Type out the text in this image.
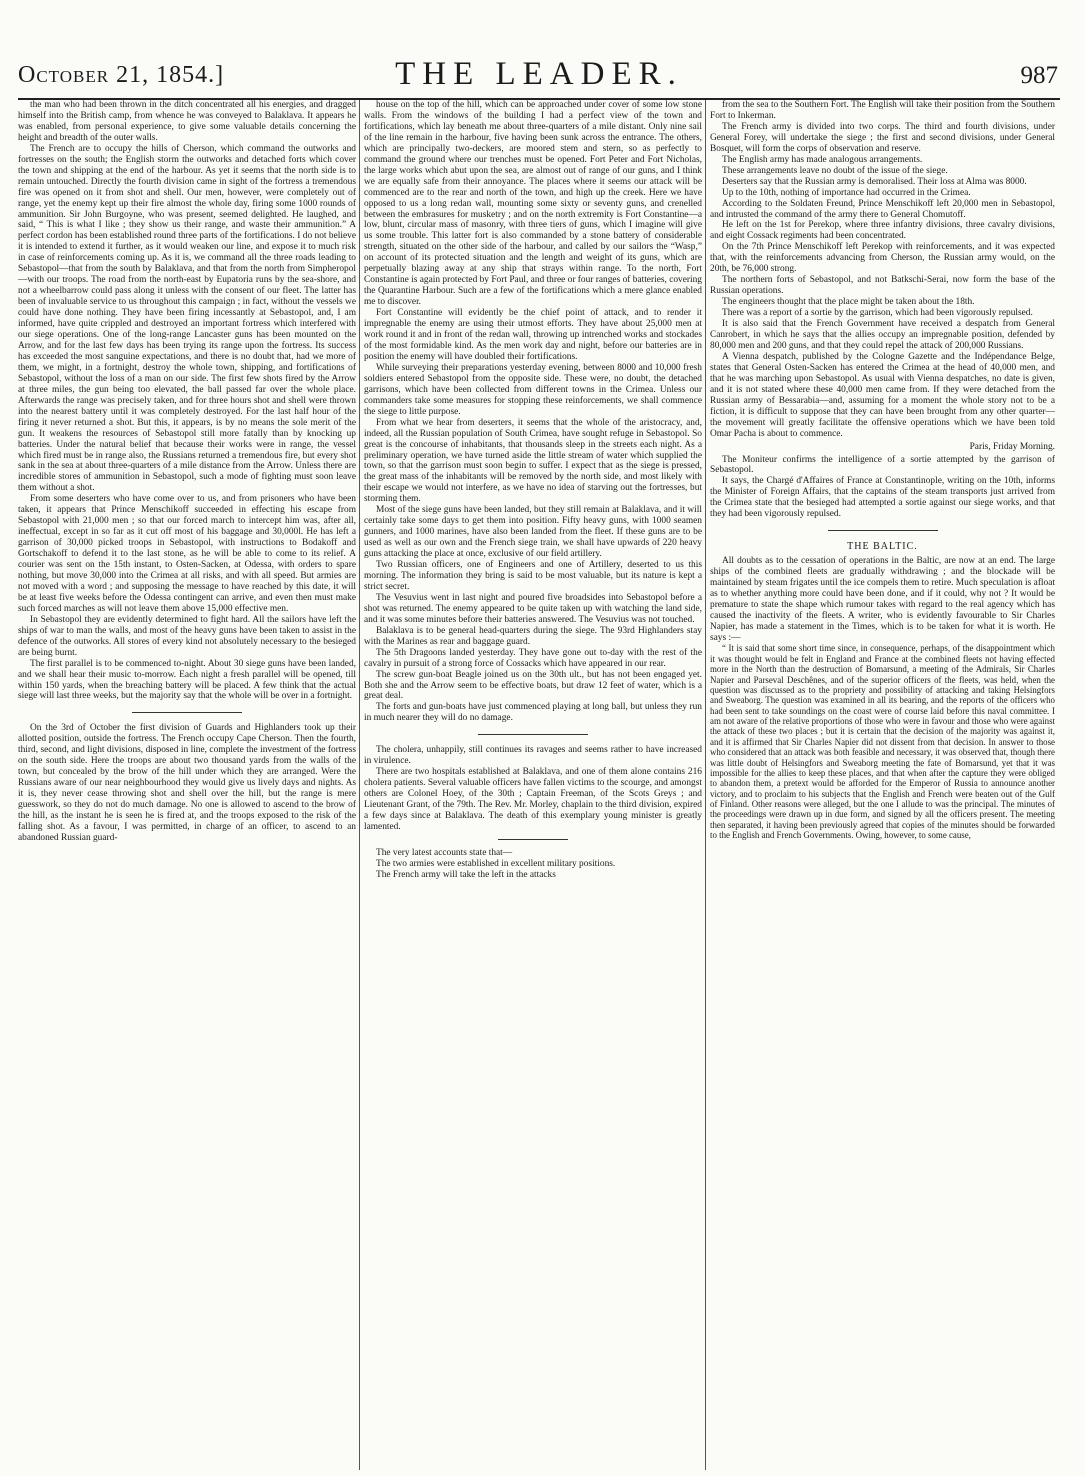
October 21, 1854.]	THE LEADER.	987

the man who had been thrown in the ditch concentrated all his energies, and dragged himself into the British camp, from whence he was conveyed to Balaklava. It appears he was enabled, from personal experience, to give some valuable details concerning the height and breadth of the outer walls.

The French are to occupy the hills of Cherson, which command the outworks and fortresses on the south; the English storm the outworks and detached forts which cover the town and shipping at the end of the harbour. As yet it seems that the north side is to remain untouched. Directly the fourth division came in sight of the fortress a tremendous fire was opened on it from shot and shell. Our men, however, were completely out of range, yet the enemy kept up their fire almost the whole day, firing some 1000 rounds of ammunition. Sir John Burgoyne, who was present, seemed delighted. He laughed, and said, “ This is what I like ; they show us their range, and waste their ammunition.” A perfect cordon has been established round three parts of the fortifications. I do not believe it is intended to extend it further, as it would weaken our line, and expose it to much risk in case of reinforcements coming up. As it is, we command all the three roads leading to Sebastopol—that from the south by Balaklava, and that from the north from Simpheropol—with our troops. The road from the north-east by Eupatoria runs by the sea-shore, and not a wheelbarrow could pass along it unless with the consent of our fleet. The latter has been of invaluable service to us throughout this campaign ; in fact, without the vessels we could have done nothing. They have been firing incessantly at Sebastopol, and, I am informed, have quite crippled and destroyed an important fortress which interfered with our siege operations. One of the long-range Lancaster guns has been mounted on the Arrow, and for the last few days has been trying its range upon the fortress. Its success has exceeded the most sanguine expectations, and there is no doubt that, had we more of them, we might, in a fortnight, destroy the whole town, shipping, and fortifications of Sebastopol, without the loss of a man on our side. The first few shots fired by the Arrow at three miles, the gun being too elevated, the ball passed far over the whole place. Afterwards the range was precisely taken, and for three hours shot and shell were thrown into the nearest battery until it was completely destroyed. For the last half hour of the firing it never returned a shot. But this, it appears, is by no means the sole merit of the gun. It weakens the resources of Sebastopol still more fatally than by knocking up batteries. Under the natural belief that because their works were in range, the vessel which fired must be in range also, the Russians returned a tremendous fire, but every shot sank in the sea at about three-quarters of a mile distance from the Arrow. Unless there are incredible stores of ammunition in Sebastopol, such a mode of fighting must soon leave them without a shot.

From some deserters who have come over to us, and from prisoners who have been taken, it appears that Prince Menschikoff succeeded in effecting his escape from Sebastopol with 21,000 men ; so that our forced march to intercept him was, after all, ineffectual, except in so far as it cut off most of his baggage and 30,000l. He has left a garrison of 30,000 picked troops in Sebastopol, with instructions to Bodakoff and Gortschakoff to defend it to the last stone, as he will be able to come to its relief. A courier was sent on the 15th instant, to Osten-Sacken, at Odessa, with orders to spare nothing, but move 30,000 into the Crimea at all risks, and with all speed. But armies are not moved with a word ; and supposing the message to have reached by this date, it will be at least five weeks before the Odessa contingent can arrive, and even then must make such forced marches as will not leave them above 15,000 effective men.

In Sebastopol they are evidently determined to fight hard. All the sailors have left the ships of war to man the walls, and most of the heavy guns have been taken to assist in the defence of the outworks. All stores of every kind not absolutely necessary to the besieged are being burnt.

The first parallel is to be commenced to-night. About 30 siege guns have been landed, and we shall hear their music to-morrow. Each night a fresh parallel will be opened, till within 150 yards, when the breaching battery will be placed. A few think that the actual siege will last three weeks, but the majority say that the whole will be over in a fortnight.

On the 3rd of October the first division of Guards and Highlanders took up their allotted position, outside the fortress. The French occupy Cape Cherson. Then the fourth, third, second, and light divisions, disposed in line, complete the investment of the fortress on the south side. Here the troops are about two thousand yards from the walls of the town, but concealed by the brow of the hill under which they are arranged. Were the Russians aware of our near neighbourhood they would give us lively days and nights. As it is, they never cease throwing shot and shell over the hill, but the range is mere guesswork, so they do not do much damage. No one is allowed to ascend to the brow of the hill, as the instant he is seen he is fired at, and the troops exposed to the risk of the falling shot. As a favour, I was permitted, in charge of an officer, to ascend to an abandoned Russian guard-

house on the top of the hill, which can be approached under cover of some low stone walls. From the windows of the building I had a perfect view of the town and fortifications, which lay beneath me about three-quarters of a mile distant. Only nine sail of the line remain in the harbour, five having been sunk across the entrance. The others, which are principally two-deckers, are moored stem and stern, so as perfectly to command the ground where our trenches must be opened. Fort Peter and Fort Nicholas, the large works which abut upon the sea, are almost out of range of our guns, and I think we are equally safe from their annoyance. The places where it seems our attack will be commenced are to the rear and north of the town, and high up the creek. Here we have opposed to us a long redan wall, mounting some sixty or seventy guns, and crenelled between the embrasures for musketry ; and on the north extremity is Fort Constantine—a low, blunt, circular mass of masonry, with three tiers of guns, which I imagine will give us some trouble. This latter fort is also commanded by a stone battery of considerable strength, situated on the other side of the harbour, and called by our sailors the “Wasp,” on account of its protected situation and the length and weight of its guns, which are perpetually blazing away at any ship that strays within range. To the north, Fort Constantine is again protected by Fort Paul, and three or four ranges of batteries, covering the Quarantine Harbour. Such are a few of the fortifications which a mere glance enabled me to discover.

Fort Constantine will evidently be the chief point of attack, and to render it impregnable the enemy are using their utmost efforts. They have about 25,000 men at work round it and in front of the redan wall, throwing up intrenched works and stockades of the most formidable kind. As the men work day and night, before our batteries are in position the enemy will have doubled their fortifications.

While surveying their preparations yesterday evening, between 8000 and 10,000 fresh soldiers entered Sebastopol from the opposite side. These were, no doubt, the detached garrisons, which have been collected from different towns in the Crimea. Unless our commanders take some measures for stopping these reinforcements, we shall commence the siege to little purpose.

From what we hear from deserters, it seems that the whole of the aristocracy, and, indeed, all the Russian population of South Crimea, have sought refuge in Sebastopol. So great is the concourse of inhabitants, that thousands sleep in the streets each night. As a preliminary operation, we have turned aside the little stream of water which supplied the town, so that the garrison must soon begin to suffer. I expect that as the siege is pressed, the great mass of the inhabitants will be removed by the north side, and most likely with their escape we would not interfere, as we have no idea of starving out the fortresses, but storming them.

Most of the siege guns have been landed, but they still remain at Balaklava, and it will certainly take some days to get them into position. Fifty heavy guns, with 1000 seamen gunners, and 1000 marines, have also been landed from the fleet. If these guns are to be used as well as our own and the French siege train, we shall have upwards of 220 heavy guns attacking the place at once, exclusive of our field artillery.

Two Russian officers, one of Engineers and one of Artillery, deserted to us this morning. The information they bring is said to be most valuable, but its nature is kept a strict secret.

The Vesuvius went in last night and poured five broadsides into Sebastopol before a shot was returned. The enemy appeared to be quite taken up with watching the land side, and it was some minutes before their batteries answered. The Vesuvius was not touched.

Balaklava is to be general head-quarters during the siege. The 93rd Highlanders stay with the Marines as rear and baggage guard.

The 5th Dragoons landed yesterday. They have gone out to-day with the rest of the cavalry in pursuit of a strong force of Cossacks which have appeared in our rear.

The screw gun-boat Beagle joined us on the 30th ult., but has not been engaged yet. Both she and the Arrow seem to be effective boats, but draw 12 feet of water, which is a great deal.

The forts and gun-boats have just commenced playing at long ball, but unless they run in much nearer they will do no damage.

The cholera, unhappily, still continues its ravages and seems rather to have increased in virulence.

There are two hospitals established at Balaklava, and one of them alone contains 216 cholera patients. Several valuable officers have fallen victims to the scourge, and amongst others are Colonel Hoey, of the 30th ; Captain Freeman, of the Scots Greys ; and Lieutenant Grant, of the 79th. The Rev. Mr. Morley, chaplain to the third division, expired a few days since at Balaklava. The death of this exemplary young minister is greatly lamented.

The very latest accounts state that—

The two armies were established in excellent military positions.

The French army will take the left in the attacks

from the sea to the Southern Fort. The English will take their position from the Southern Fort to Inkerman.

The French army is divided into two corps. The third and fourth divisions, under General Forey, will undertake the siege ; the first and second divisions, under General Bosquet, will form the corps of observation and reserve.

The English army has made analogous arrangements.

These arrangements leave no doubt of the issue of the siege.

Deserters say that the Russian army is demoralised. Their loss at Alma was 8000.

Up to the 10th, nothing of importance had occurred in the Crimea.

According to the Soldaten Freund, Prince Menschikoff left 20,000 men in Sebastopol, and intrusted the command of the army there to General Chomutoff.

He left on the 1st for Perekop, where three infantry divisions, three cavalry divisions, and eight Cossack regiments had been concentrated.

On the 7th Prince Menschikoff left Perekop with reinforcements, and it was expected that, with the reinforcements advancing from Cherson, the Russian army would, on the 20th, be 76,000 strong.

The northern forts of Sebastopol, and not Batkschi-Serai, now form the base of the Russian operations.

The engineers thought that the place might be taken about the 18th.

There was a report of a sortie by the garrison, which had been vigorously repulsed.

It is also said that the French Government have received a despatch from General Canrobert, in which he says that the allies occupy an impregnable position, defended by 80,000 men and 200 guns, and that they could repel the attack of 200,000 Russians.

A Vienna despatch, published by the Cologne Gazette and the Indépendance Belge, states that General Osten-Sacken has entered the Crimea at the head of 40,000 men, and that he was marching upon Sebastopol. As usual with Vienna despatches, no date is given, and it is not stated where these 40,000 men came from. If they were detached from the Russian army of Bessarabia—and, assuming for a moment the whole story not to be a fiction, it is difficult to suppose that they can have been brought from any other quarter—the movement will greatly facilitate the offensive operations which we have been told Omar Pacha is about to commence.

Paris, Friday Morning.

The Moniteur confirms the intelligence of a sortie attempted by the garrison of Sebastopol.

It says, the Chargé d'Affaires of France at Constantinople, writing on the 10th, informs the Minister of Foreign Affairs, that the captains of the steam transports just arrived from the Crimea state that the besieged had attempted a sortie against our siege works, and that they had been vigorously repulsed.

THE BALTIC.

All doubts as to the cessation of operations in the Baltic, are now at an end. The large ships of the combined fleets are gradually withdrawing ; and the blockade will be maintained by steam frigates until the ice compels them to retire. Much speculation is afloat as to whether anything more could have been done, and if it could, why not ? It would be premature to state the shape which rumour takes with regard to the real agency which has caused the inactivity of the fleets. A writer, who is evidently favourable to Sir Charles Napier, has made a statement in the Times, which is to be taken for what it is worth. He says :—

“ It is said that some short time since, in consequence, perhaps, of the disappointment which it was thought would be felt in England and France at the combined fleets not having effected more in the North than the destruction of Bomarsund, a meeting of the Admirals, Sir Charles Napier and Parseval Deschênes, and of the superior officers of the fleets, was held, when the question was discussed as to the propriety and possibility of attacking and taking Helsingfors and Sweaborg. The question was examined in all its bearing, and the reports of the officers who had been sent to take soundings on the coast were of course laid before this naval committee. I am not aware of the relative proportions of those who were in favour and those who were against the attack of these two places ; but it is certain that the decision of the majority was against it, and it is affirmed that Sir Charles Napier did not dissent from that decision. In answer to those who considered that an attack was both feasible and necessary, it was observed that, though there was little doubt of Helsingfors and Sweaborg meeting the fate of Bomarsund, yet that it was impossible for the allies to keep these places, and that when after the capture they were obliged to abandon them, a pretext would be afforded for the Emperor of Russia to announce another victory, and to proclaim to his subjects that the English and French were beaten out of the Gulf of Finland. Other reasons were alleged, but the one I allude to was the principal. The minutes of the proceedings were drawn up in due form, and signed by all the officers present. The meeting then separated, it having been previously agreed that copies of the minutes should be forwarded to the English and French Governments. Owing, however, to some cause,
